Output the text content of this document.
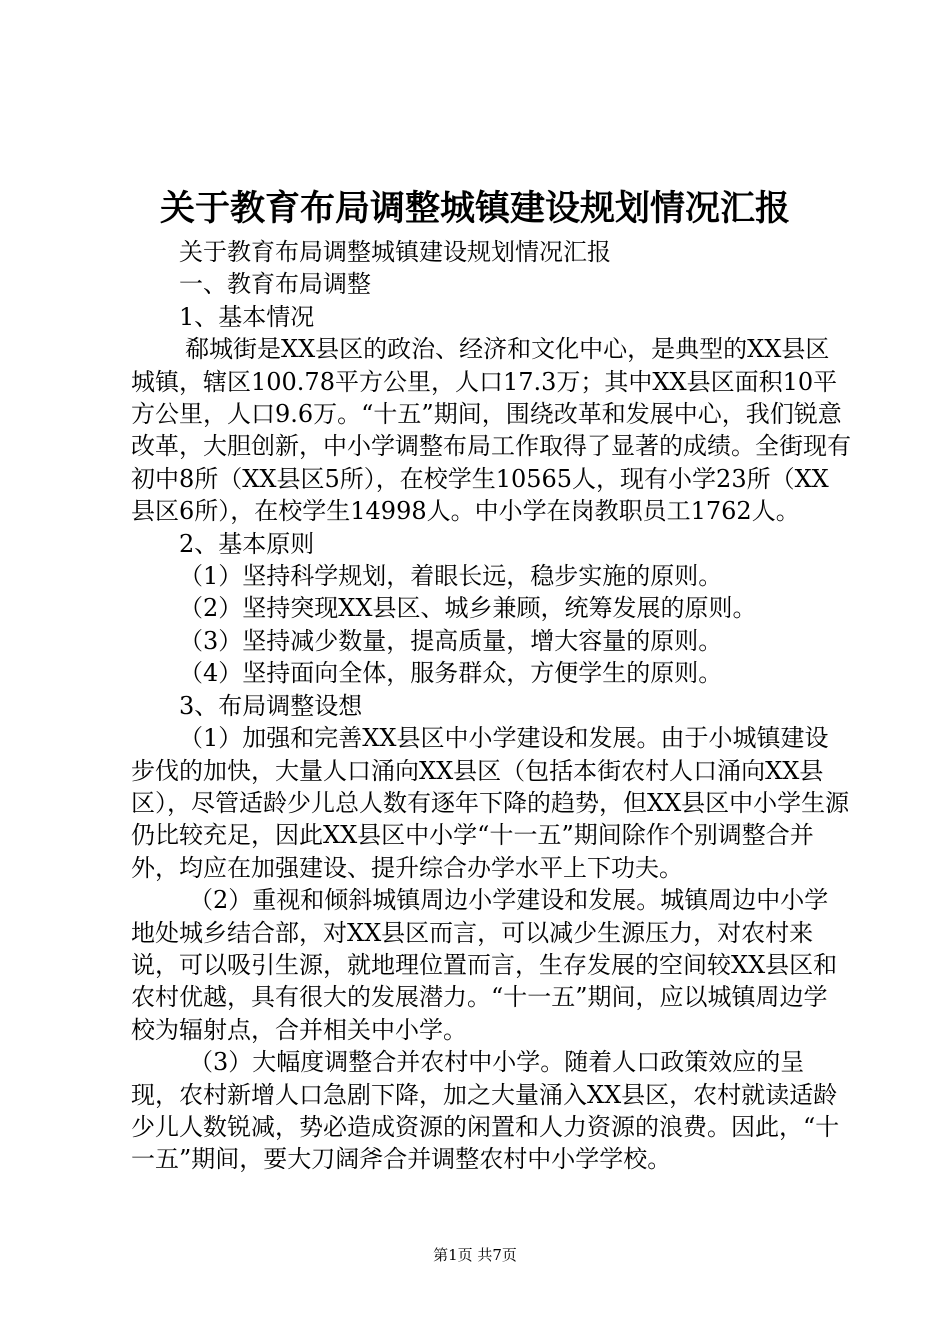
关于教育布局调整城镇建设规划情况汇报

关于教育布局调整城镇建设规划情况汇报

一、教育布局调整

1、基本情况

郗城街是XX县区的政治、经济和文化中心，是典型的XX县区城镇，辖区100.78平方公里，人口17.3万；其中XX县区面积10平方公里，人口9.6万。“十五”期间，围绕改革和发展中心，我们锐意改革，大胆创新，中小学调整布局工作取得了显著的成绩。全街现有初中8所（XX县区5所），在校学生10565人，现有小学23所（XX县区6所），在校学生14998人。中小学在岗教职员工1762人。

2、基本原则

（1）坚持科学规划，着眼长远，稳步实施的原则。

（2）坚持突现XX县区、城乡兼顾，统筹发展的原则。

（3）坚持减少数量，提高质量，增大容量的原则。

（4）坚持面向全体，服务群众，方便学生的原则。

3、布局调整设想

（1）加强和完善XX县区中小学建设和发展。由于小城镇建设步伐的加快，大量人口涌向XX县区（包括本街农村人口涌向XX县区），尽管适龄少儿总人数有逐年下降的趋势，但XX县区中小学生源仍比较充足，因此XX县区中小学“十一五”期间除作个别调整合并外，均应在加强建设、提升综合办学水平上下功夫。

（2）重视和倾斜城镇周边小学建设和发展。城镇周边中小学地处城乡结合部，对XX县区而言，可以减少生源压力，对农村来说，可以吸引生源，就地理位置而言，生存发展的空间较XX县区和农村优越，具有很大的发展潜力。“十一五”期间，应以城镇周边学校为辐射点，合并相关中小学。

（3）大幅度调整合并农村中小学。随着人口政策效应的呈现，农村新增人口急剧下降，加之大量涌入XX县区，农村就读适龄少儿人数锐减，势必造成资源的闲置和人力资源的浪费。因此，“十一五”期间，要大刀阔斧合并调整农村中小学学校。

第1页 共7页
